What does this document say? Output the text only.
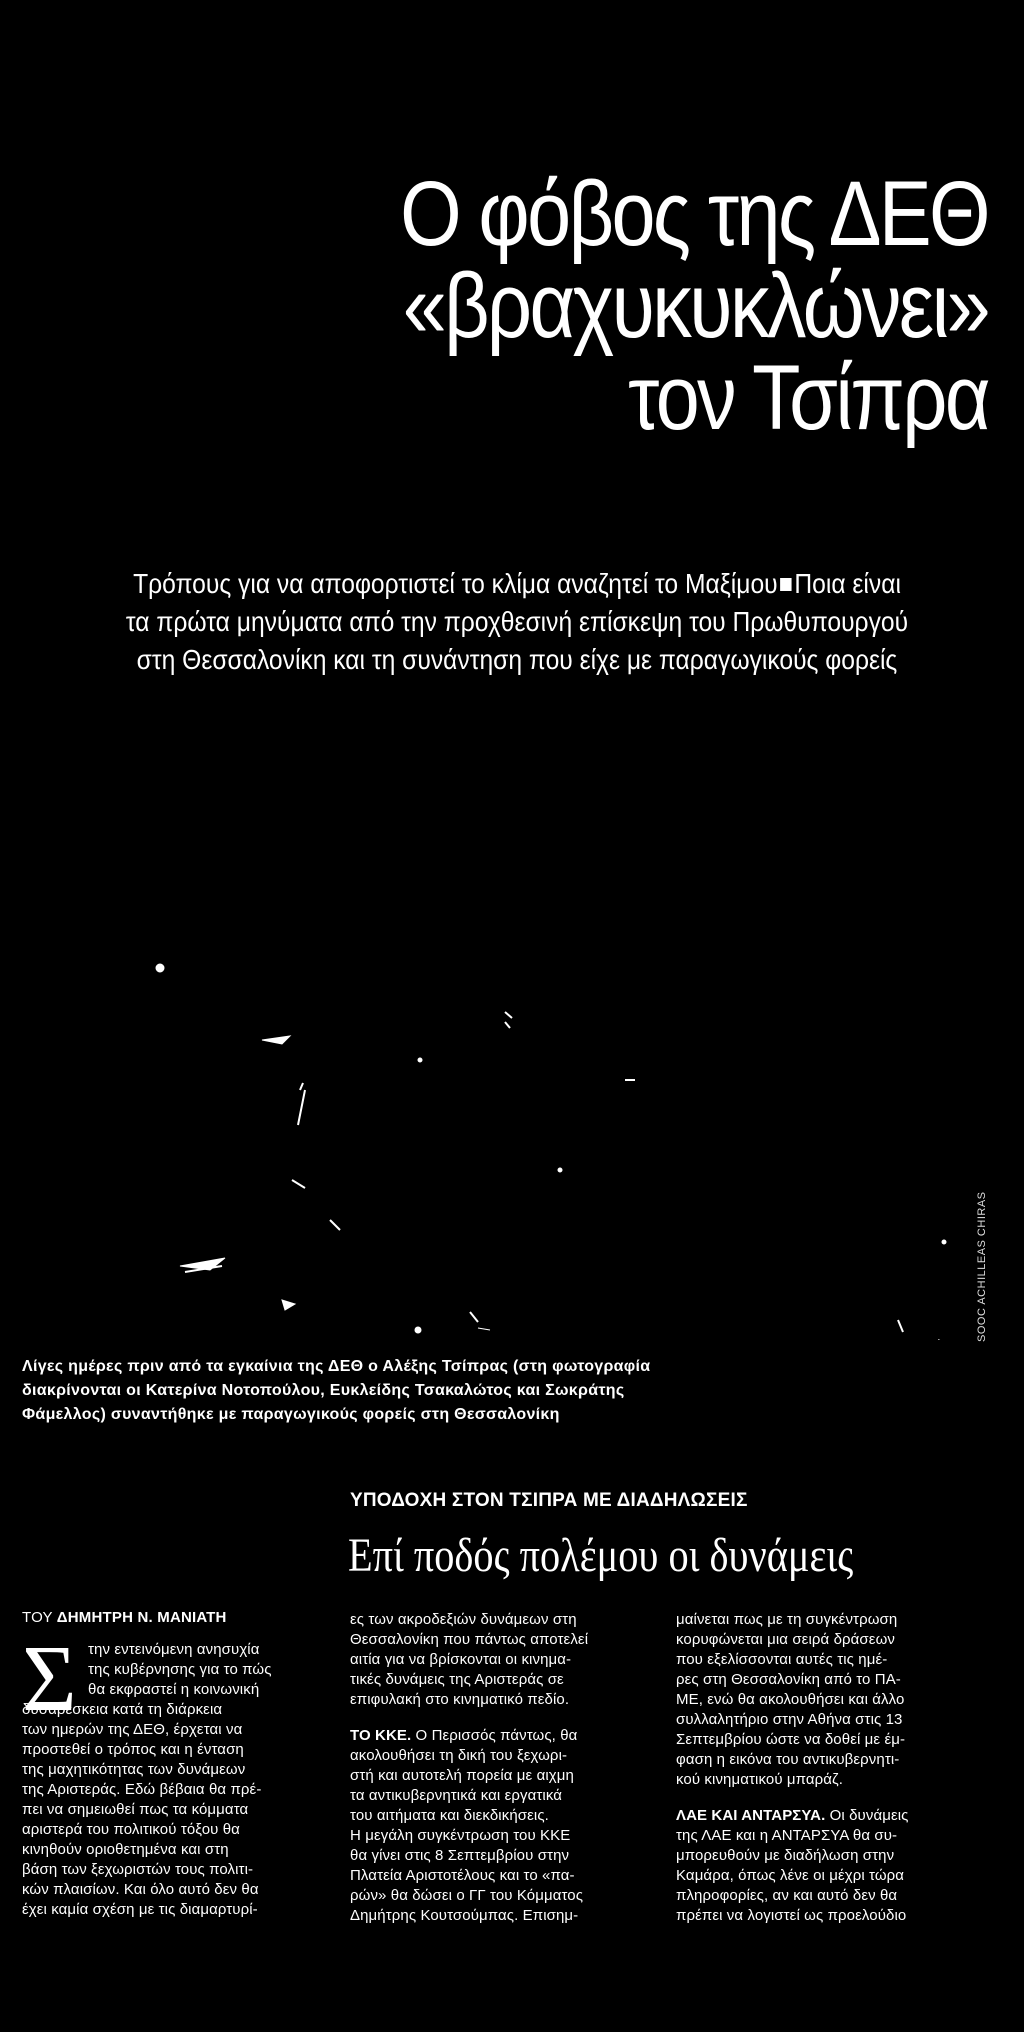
Ο φόβος της ΔΕΘ
«βραχυκυκλώνει»
τον Τσίπρα

Τρόπους για να αποφορτιστεί το κλίμα αναζητεί το Μαξίμου Ποια είναι
τα πρώτα μηνύματα από την προχθεσινή επίσκεψη του Πρωθυπουργού
στη Θεσσαλονίκη και τη συνάντηση που είχε με παραγωγικούς φορείς

SOOC ACHILLEAS CHIRAS
Λίγες ημέρες πριν από τα εγκαίνια της ΔΕΘ ο Αλέξης Τσίπρας (στη φωτογραφία
διακρίνονται οι Κατερίνα Νοτοπούλου, Ευκλείδης Τσακαλώτος και Σωκράτης
Φάμελλος) συναντήθηκε με παραγωγικούς φορείς στη Θεσσαλονίκη
ΥΠΟΔΟΧΗ ΣΤΟΝ ΤΣΙΠΡΑ ΜΕ ΔΙΑΔΗΛΩΣΕΙΣ
Επί ποδός πολέμου οι δυνάμεις
ΤΟΥ ΔΗΜΗΤΡΗ Ν. ΜΑΝΙΑΤΗ
Σ την εντεινόμενη ανησυχία
της κυβέρνησης για το πώς
θα εκφραστεί η κοινωνική
δυσαρέσκεια κατά τη διάρκεια
των ημερών της ΔΕΘ, έρχεται να
προστεθεί ο τρόπος και η ένταση
της μαχητικότητας των δυνάμεων
της Αριστεράς. Εδώ βέβαια θα πρέ-
πει να σημειωθεί πως τα κόμματα
αριστερά του πολιτικού τόξου θα
κινηθούν οριοθετημένα και στη
βάση των ξεχωριστών τους πολιτι-
κών πλαισίων. Και όλο αυτό δεν θα
έχει καμία σχέση με τις διαμαρτυρί-
ες των ακροδεξιών δυνάμεων στη
Θεσσαλονίκη που πάντως αποτελεί
αιτία για να βρίσκονται οι κινημα-
τικές δυνάμεις της Αριστεράς σε
επιφυλακή στο κινηματικό πεδίο.
ΤΟ ΚΚΕ. Ο Περισσός πάντως, θα
ακολουθήσει τη δική του ξεχωρι-
στή και αυτοτελή πορεία με αιχμη
τα αντικυβερνητικά και εργατικά
του αιτήματα και διεκδικήσεις.
Η μεγάλη συγκέντρωση του ΚΚΕ
θα γίνει στις 8 Σεπτεμβρίου στην
Πλατεία Αριστοτέλους και το «πα-
ρών» θα δώσει ο ΓΓ του Κόμματος
Δημήτρης Κουτσούμπας. Επισημ-
μαίνεται πως με τη συγκέντρωση
κορυφώνεται μια σειρά δράσεων
που εξελίσσονται αυτές τις ημέ-
ρες στη Θεσσαλονίκη από το ΠΑ-
ΜΕ, ενώ θα ακολουθήσει και άλλο
συλλαλητήριο στην Αθήνα στις 13
Σεπτεμβρίου ώστε να δοθεί με έμ-
φαση η εικόνα του αντικυβερνητι-
κού κινηματικού μπαράζ.
ΛΑΕ ΚΑΙ ΑΝΤΑΡΣΥΑ. Οι δυνάμεις
της ΛΑΕ και η ΑΝΤΑΡΣΥΑ θα συ-
μπορευθούν με διαδήλωση στην
Καμάρα, όπως λένε οι μέχρι τώρα
πληροφορίες, αν και αυτό δεν θα
πρέπει να λογιστεί ως προελούδιο
